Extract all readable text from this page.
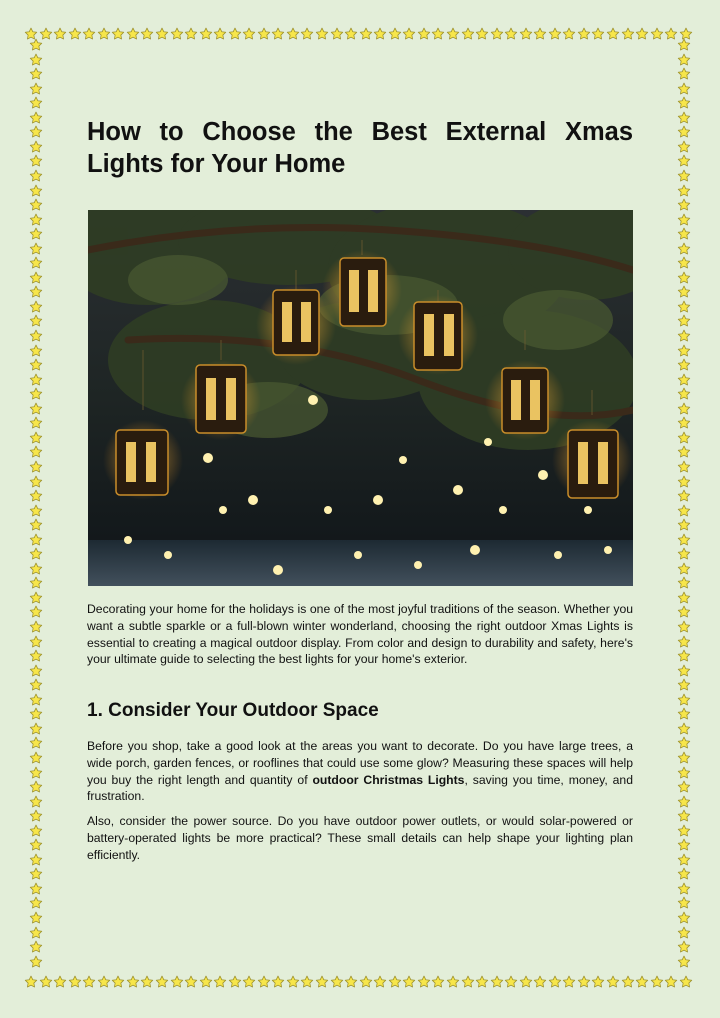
How to Choose the Best External Xmas Lights for Your Home

Decorating your home for the holidays is one of the most joyful traditions of the season. Whether you want a subtle sparkle or a full-blown winter wonderland, choosing the right outdoor Xmas Lights is essential to creating a magical outdoor display. From color and design to durability and safety, here's your ultimate guide to selecting the best lights for your home's exterior.

1. Consider Your Outdoor Space

Before you shop, take a good look at the areas you want to decorate. Do you have large trees, a wide porch, garden fences, or rooflines that could use some glow? Measuring these spaces will help you buy the right length and quantity of outdoor Christmas Lights, saving you time, money, and frustration.

Also, consider the power source. Do you have outdoor power outlets, or would solar-powered or battery-operated lights be more practical? These small details can help shape your lighting plan efficiently.
